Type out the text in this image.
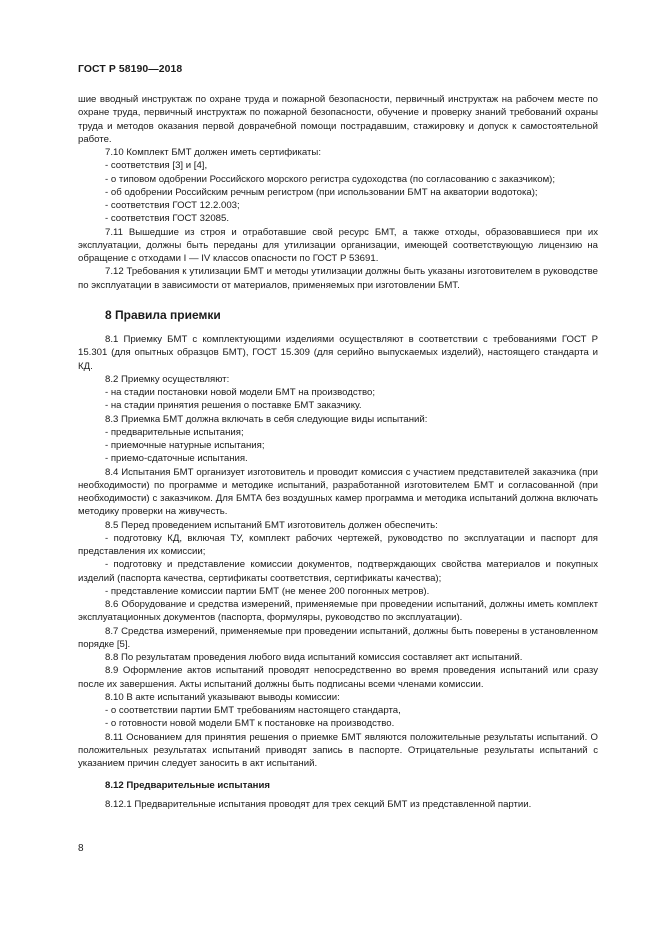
ГОСТ Р 58190—2018

шие вводный инструктаж по охране труда и пожарной безопасности, первичный инструктаж на рабочем месте по охране труда, первичный инструктаж по пожарной безопасности, обучение и проверку знаний требований охраны труда и методов оказания первой доврачебной помощи пострадавшим, стажировку и допуск к самостоятельной работе.

7.10 Комплект БМТ должен иметь сертификаты:

- соответствия [3] и [4],

- о типовом одобрении Российского морского регистра судоходства (по согласованию с заказчиком);

- об одобрении Российским речным регистром (при использовании БМТ на акватории водотока);

- соответствия ГОСТ 12.2.003;

- соответствия ГОСТ 32085.

7.11 Вышедшие из строя и отработавшие свой ресурс БМТ, а также отходы, образовавшиеся при их эксплуатации, должны быть переданы для утилизации организации, имеющей соответствующую лицензию на обращение с отходами I — IV классов опасности по ГОСТ Р 53691.

7.12 Требования к утилизации БМТ и методы утилизации должны быть указаны изготовителем в руководстве по эксплуатации в зависимости от материалов, применяемых при изготовлении БМТ.

8 Правила приемки

8.1 Приемку БМТ с комплектующими изделиями осуществляют в соответствии с требованиями ГОСТ Р 15.301 (для опытных образцов БМТ), ГОСТ 15.309 (для серийно выпускаемых изделий), настоящего стандарта и КД.

8.2 Приемку осуществляют:

- на стадии постановки новой модели БМТ на производство;

- на стадии принятия решения о поставке БМТ заказчику.

8.3 Приемка БМТ должна включать в себя следующие виды испытаний:

- предварительные испытания;

- приемочные натурные испытания;

- приемо-сдаточные испытания.

8.4 Испытания БМТ организует изготовитель и проводит комиссия с участием представителей заказчика (при необходимости) по программе и методике испытаний, разработанной изготовителем БМТ и согласованной (при необходимости) с заказчиком. Для БМТА без воздушных камер программа и методика испытаний должна включать методику проверки на живучесть.

8.5 Перед проведением испытаний БМТ изготовитель должен обеспечить:

- подготовку КД, включая ТУ, комплект рабочих чертежей, руководство по эксплуатации и паспорт для представления их комиссии;

- подготовку и представление комиссии документов, подтверждающих свойства материалов и покупных изделий (паспорта качества, сертификаты соответствия, сертификаты качества);

- представление комиссии партии БМТ (не менее 200 погонных метров).

8.6 Оборудование и средства измерений, применяемые при проведении испытаний, должны иметь комплект эксплуатационных документов (паспорта, формуляры, руководство по эксплуатации).

8.7 Средства измерений, применяемые при проведении испытаний, должны быть поверены в установленном порядке [5].

8.8 По результатам проведения любого вида испытаний комиссия составляет акт испытаний.

8.9 Оформление актов испытаний проводят непосредственно во время проведения испытаний или сразу после их завершения. Акты испытаний должны быть подписаны всеми членами комиссии.

8.10 В акте испытаний указывают выводы комиссии:

- о соответствии партии БМТ требованиям настоящего стандарта,

- о готовности новой модели БМТ к постановке на производство.

8.11 Основанием для принятия решения о приемке БМТ являются положительные результаты испытаний. О положительных результатах испытаний приводят запись в паспорте. Отрицательные результаты испытаний с указанием причин следует заносить в акт испытаний.

8.12 Предварительные испытания

8.12.1 Предварительные испытания проводят для трех секций БМТ из представленной партии.

8
